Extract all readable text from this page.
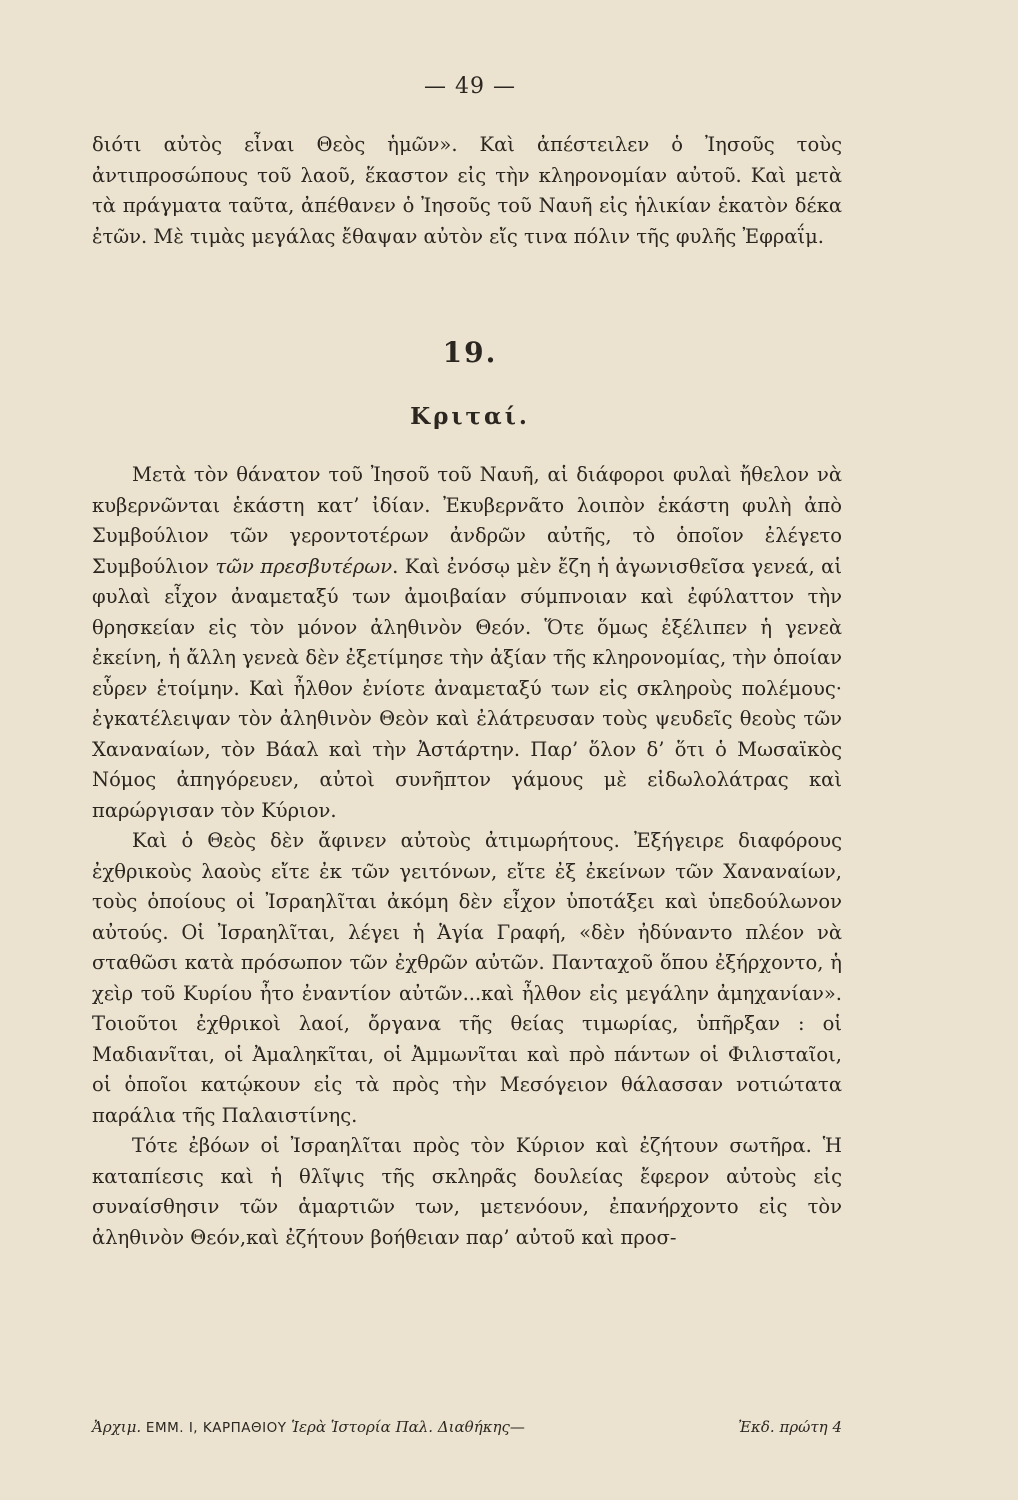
— 49 —

διότι αὐτὸς εἶναι Θεὸς ἡμῶν». Καὶ ἀπέστειλεν ὁ Ἰησοῦς τοὺς ἀντιπροσώπους τοῦ λαοῦ, ἕκαστον εἰς τὴν κληρονομίαν αὐτοῦ. Καὶ μετὰ τὰ πράγματα ταῦτα, ἀπέθανεν ὁ Ἰησοῦς τοῦ Ναυῆ εἰς ἡλικίαν ἑκατὸν δέκα ἐτῶν. Μὲ τιμὰς μεγάλας ἔθαψαν αὐτὸν εἴς τινα πόλιν τῆς φυλῆς Ἐφραΐμ.

19.
Κριταί.

Μετὰ τὸν θάνατον τοῦ Ἰησοῦ τοῦ Ναυῆ, αἱ διάφοροι φυλαὶ ἤθελον νὰ κυβερνῶνται ἑκάστη κατ’ ἰδίαν. Ἐκυβερνᾶτο λοιπὸν ἑκάστη φυλὴ ἀπὸ Συμβούλιον τῶν γεροντοτέρων ἀνδρῶν αὐτῆς, τὸ ὁποῖον ἐλέγετο Συμβούλιον τῶν πρεσβυτέρων. Καὶ ἐνόσῳ μὲν ἔζη ἡ ἀγωνισθεῖσα γενεά, αἱ φυλαὶ εἶχον ἀναμεταξύ των ἀμοιβαίαν σύμπνοιαν καὶ ἐφύλαττον τὴν θρησκείαν εἰς τὸν μόνον ἀληθινὸν Θεόν. Ὅτε ὅμως ἐξέλιπεν ἡ γενεὰ ἐκείνη, ἡ ἄλλη γενεὰ δὲν ἐξετίμησε τὴν ἀξίαν τῆς κληρονομίας, τὴν ὁποίαν εὗρεν ἑτοίμην. Καὶ ἦλθον ἐνίοτε ἀναμεταξύ των εἰς σκληροὺς πολέμους· ἐγκατέλειψαν τὸν ἀληθινὸν Θεὸν καὶ ἐλάτρευσαν τοὺς ψευδεῖς θεοὺς τῶν Χαναναίων, τὸν Βάαλ καὶ τὴν Ἀστάρτην. Παρ’ ὅλον δ’ ὅτι ὁ Μωσαϊκὸς Νόμος ἀπηγόρευεν, αὐτοὶ συνῆπτον γάμους μὲ εἰδωλολάτρας καὶ παρώργισαν τὸν Κύριον.

Καὶ ὁ Θεὸς δὲν ἄφινεν αὐτοὺς ἀτιμωρήτους. Ἐξήγειρε διαφόρους ἐχθρικοὺς λαοὺς εἴτε ἐκ τῶν γειτόνων, εἴτε ἐξ ἐκείνων τῶν Χαναναίων, τοὺς ὁποίους οἱ Ἰσραηλῖται ἀκόμη δὲν εἶχον ὑποτάξει καὶ ὑπεδούλωνον αὐτούς. Οἱ Ἰσραηλῖται, λέγει ἡ Ἁγία Γραφή, «δὲν ἠδύναντο πλέον νὰ σταθῶσι κατὰ πρόσωπον τῶν ἐχθρῶν αὐτῶν. Πανταχοῦ ὅπου ἐξήρχοντο, ἡ χεὶρ τοῦ Κυρίου ἦτο ἐναντίον αὐτῶν...καὶ ἦλθον εἰς μεγάλην ἀμηχανίαν». Τοιοῦτοι ἐχθρικοὶ λαοί, ὄργανα τῆς θείας τιμωρίας, ὑπῆρξαν : οἱ Μαδιανῖται, οἱ Ἀμαληκῖται, οἱ Ἀμμωνῖται καὶ πρὸ πάντων οἱ Φιλισταῖοι, οἱ ὁποῖοι κατῴκουν εἰς τὰ πρὸς τὴν Μεσόγειον θάλασσαν νοτιώτατα παράλια τῆς Παλαιστίνης.

Τότε ἐβόων οἱ Ἰσραηλῖται πρὸς τὸν Κύριον καὶ ἐζήτουν σωτῆρα. Ἡ καταπίεσις καὶ ἡ θλῖψις τῆς σκληρᾶς δουλείας ἔφερον αὐτοὺς εἰς συναίσθησιν τῶν ἁμαρτιῶν των, μετενόουν, ἐπανήρχοντο εἰς τὸν ἀληθινὸν Θεόν,καὶ ἐζήτουν βοήθειαν παρ’ αὐτοῦ καὶ προσ-

Ἀρχιμ. ΕΜΜ. Ι, ΚΑΡΠΑΘΙΟΥ Ἱερὰ Ἱστορία Παλ. Διαθήκης—	Ἐκδ. πρώτη 4
